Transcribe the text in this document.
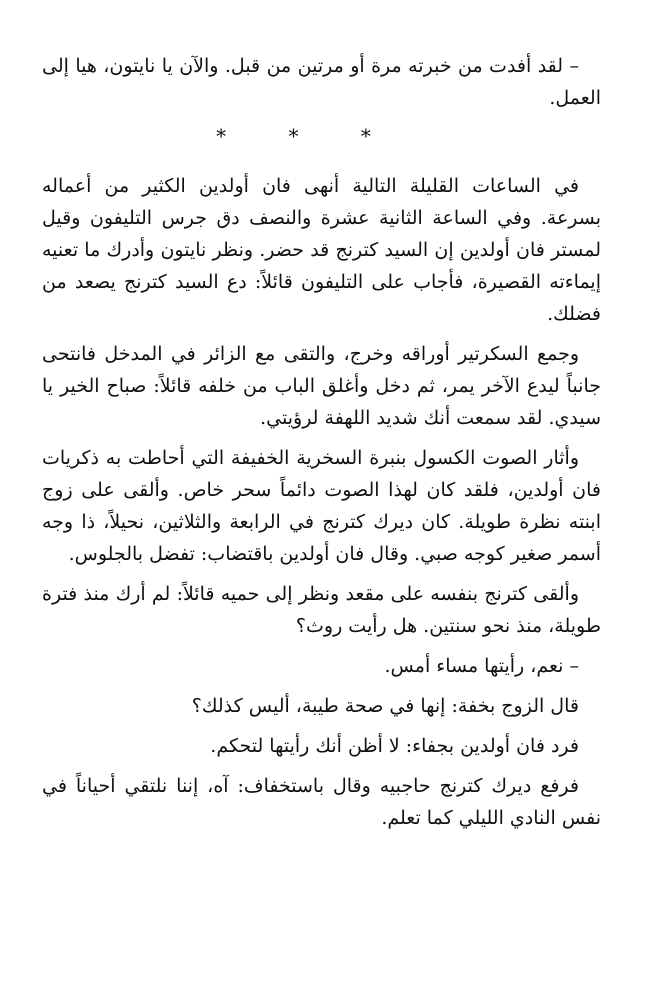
– لقد أفدت من خبرته مرة أو مرتين من قبل. والآن يا نايتون، هيا إلى العمل.

* * *

في الساعات القليلة التالية أنهى فان أولدين الكثير من أعماله بسرعة. وفي الساعة الثانية عشرة والنصف دق جرس التليفون وقيل لمستر فان أولدين إن السيد كترنج قد حضر. ونظر نايتون وأدرك ما تعنيه إيماءته القصيرة، فأجاب على التليفون قائلاً: دع السيد كترنج يصعد من فضلك.

وجمع السكرتير أوراقه وخرج، والتقى مع الزائر في المدخل فانتحى جانباً ليدع الآخر يمر، ثم دخل وأغلق الباب من خلفه قائلاً: صباح الخير يا سيدي. لقد سمعت أنك شديد اللهفة لرؤيتي.

وأثار الصوت الكسول بنبرة السخرية الخفيفة التي أحاطت به ذكريات فان أولدين، فلقد كان لهذا الصوت دائماً سحر خاص. وألقى على زوج ابنته نظرة طويلة. كان ديرك كترنج في الرابعة والثلاثين، نحيلاً، ذا وجه أسمر صغير كوجه صبي. وقال فان أولدين باقتضاب: تفضل بالجلوس.

وألقى كترنج بنفسه على مقعد ونظر إلى حميه قائلاً: لم أرك منذ فترة طويلة، منذ نحو سنتين. هل رأيت روث؟

– نعم، رأيتها مساء أمس.

قال الزوج بخفة: إنها في صحة طيبة، أليس كذلك؟

فرد فان أولدين بجفاء: لا أظن أنك رأيتها لتحكم.

فرفع ديرك كترنج حاجبيه وقال باستخفاف: آه، إننا نلتقي أحياناً في نفس النادي الليلي كما تعلم.
